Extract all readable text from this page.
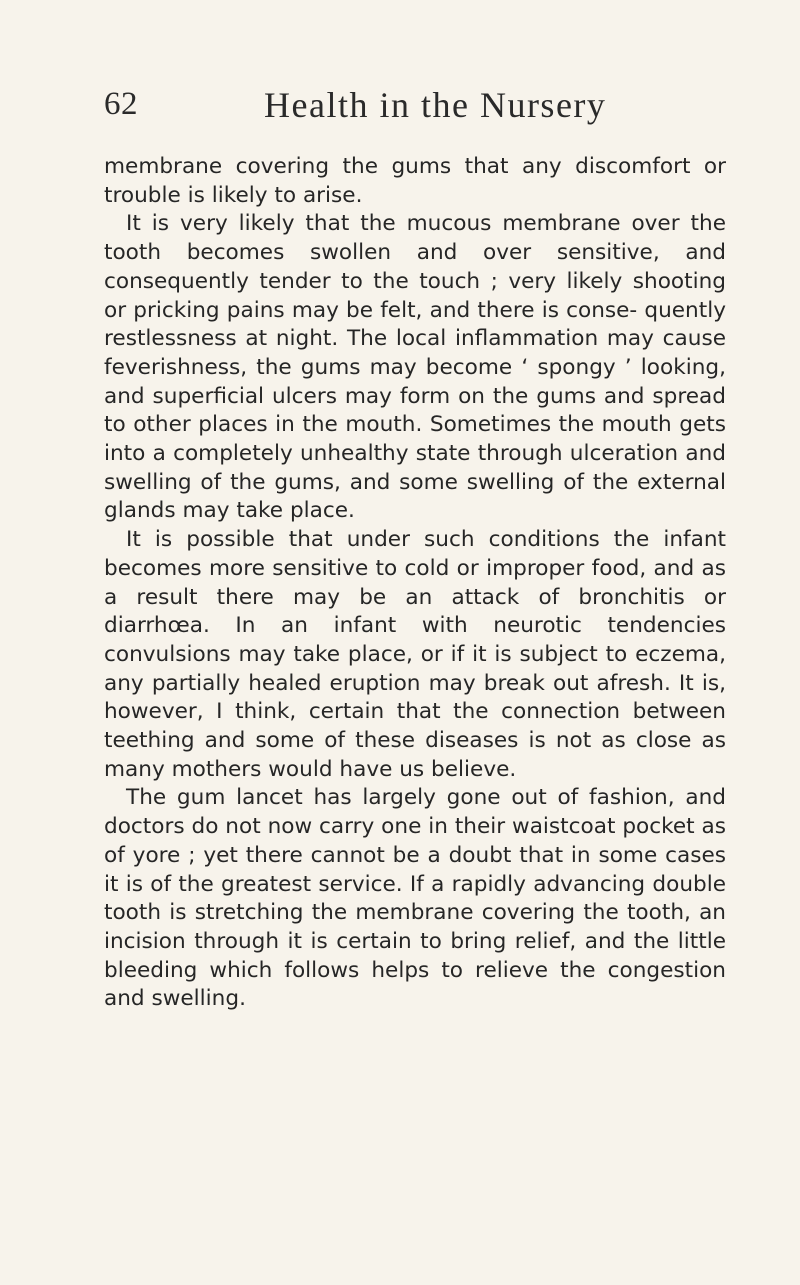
62	Health in the Nursery

membrane covering the gums that any discomfort or trouble is likely to arise.

It is very likely that the mucous membrane over the tooth becomes swollen and over sensitive, and consequently tender to the touch ; very likely shooting or pricking pains may be felt, and there is conse- quently restlessness at night. The local inflammation may cause feverishness, the gums may become ‘ spongy ’ looking, and superficial ulcers may form on the gums and spread to other places in the mouth. Sometimes the mouth gets into a completely unhealthy state through ulceration and swelling of the gums, and some swelling of the external glands may take place.

It is possible that under such conditions the infant becomes more sensitive to cold or improper food, and as a result there may be an attack of bronchitis or diarrhœa. In an infant with neurotic tendencies convulsions may take place, or if it is subject to eczema, any partially healed eruption may break out afresh. It is, however, I think, certain that the connection between teething and some of these diseases is not as close as many mothers would have us believe.

The gum lancet has largely gone out of fashion, and doctors do not now carry one in their waistcoat pocket as of yore ; yet there cannot be a doubt that in some cases it is of the greatest service. If a rapidly advancing double tooth is stretching the membrane covering the tooth, an incision through it is certain to bring relief, and the little bleeding which follows helps to relieve the congestion and swelling.
